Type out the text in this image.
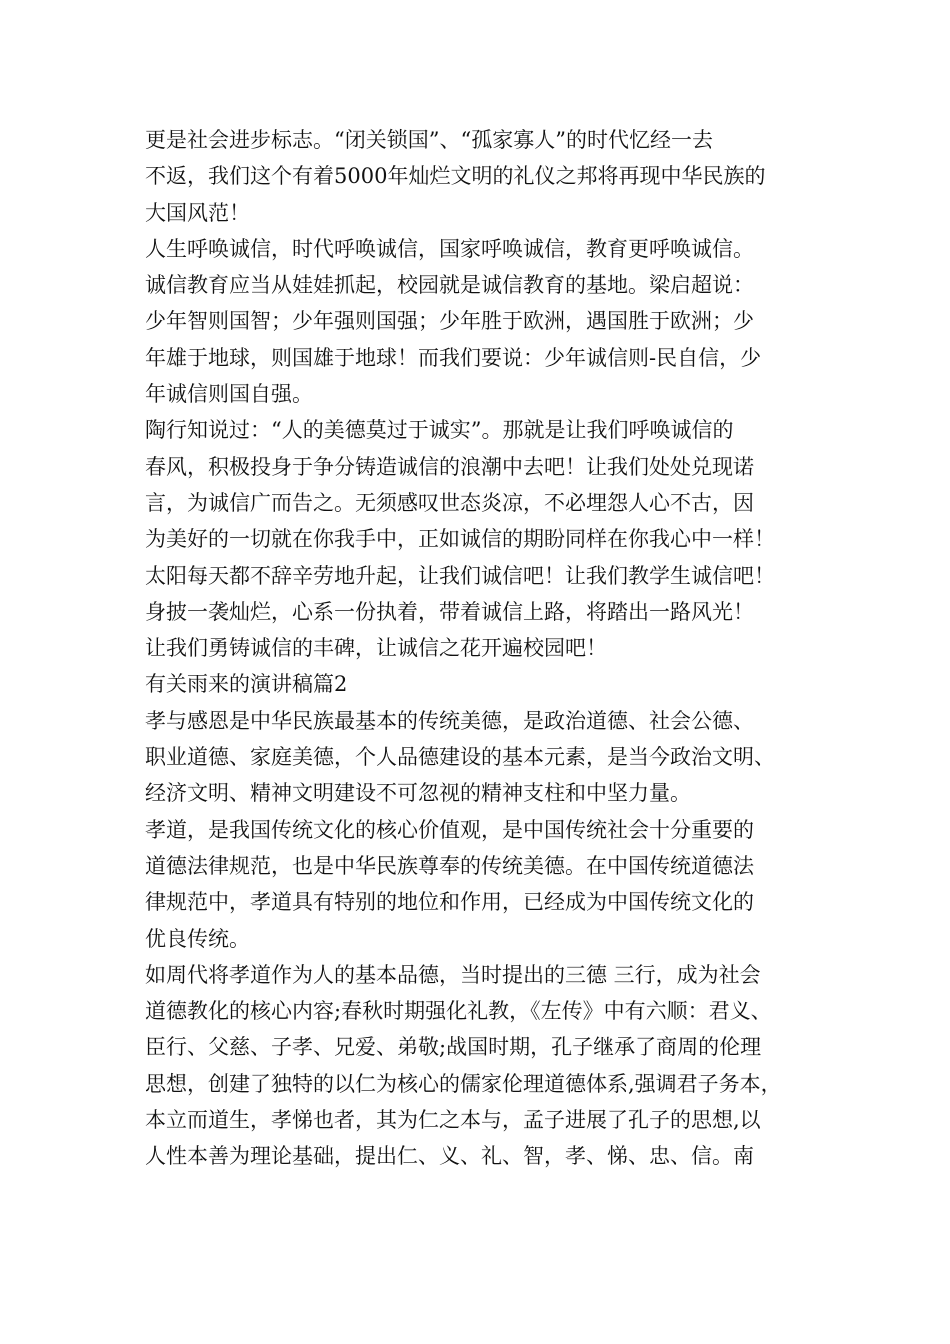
更是社会进步标志。“闭关锁国”、“孤家寡人”的时代忆经一去
不返，我们这个有着5000年灿烂文明的礼仪之邦将再现中华民族的
大国风范！
人生呼唤诚信，时代呼唤诚信，国家呼唤诚信，教育更呼唤诚信。
诚信教育应当从娃娃抓起，校园就是诚信教育的基地。梁启超说：
少年智则国智；少年强则国强；少年胜于欧洲，遇国胜于欧洲；少
年雄于地球，则国雄于地球！而我们要说：少年诚信则-民自信，少
年诚信则国自强。
陶行知说过：“人的美德莫过于诚实”。那就是让我们呼唤诚信的
春风，积极投身于争分铸造诚信的浪潮中去吧！让我们处处兑现诺
言，为诚信广而告之。无须感叹世态炎凉，不必埋怨人心不古，因
为美好的一切就在你我手中，正如诚信的期盼同样在你我心中一样！
太阳每天都不辞辛劳地升起，让我们诚信吧！让我们教学生诚信吧！
身披一袭灿烂，心系一份执着，带着诚信上路，将踏出一路风光！
让我们勇铸诚信的丰碑，让诚信之花开遍校园吧！
有关雨来的演讲稿篇2
孝与感恩是中华民族最基本的传统美德，是政治道德、社会公德、
职业道德、家庭美德，个人品德建设的基本元素，是当今政治文明、
经济文明、精神文明建设不可忽视的精神支柱和中坚力量。
孝道，是我国传统文化的核心价值观，是中国传统社会十分重要的
道德法律规范，也是中华民族尊奉的传统美德。在中国传统道德法
律规范中，孝道具有特别的地位和作用，已经成为中国传统文化的
优良传统。
如周代将孝道作为人的基本品德，当时提出的三德 三行，成为社会
道德教化的核心内容;春秋时期强化礼教，《左传》中有六顺：君义、
臣行、父慈、子孝、兄爱、弟敬;战国时期，孔子继承了商周的伦理
思想，创建了独特的以仁为核心的儒家伦理道德体系,强调君子务本，
本立而道生，孝悌也者，其为仁之本与，孟子进展了孔子的思想,以
人性本善为理论基础，提出仁、义、礼、智，孝、悌、忠、信。南
